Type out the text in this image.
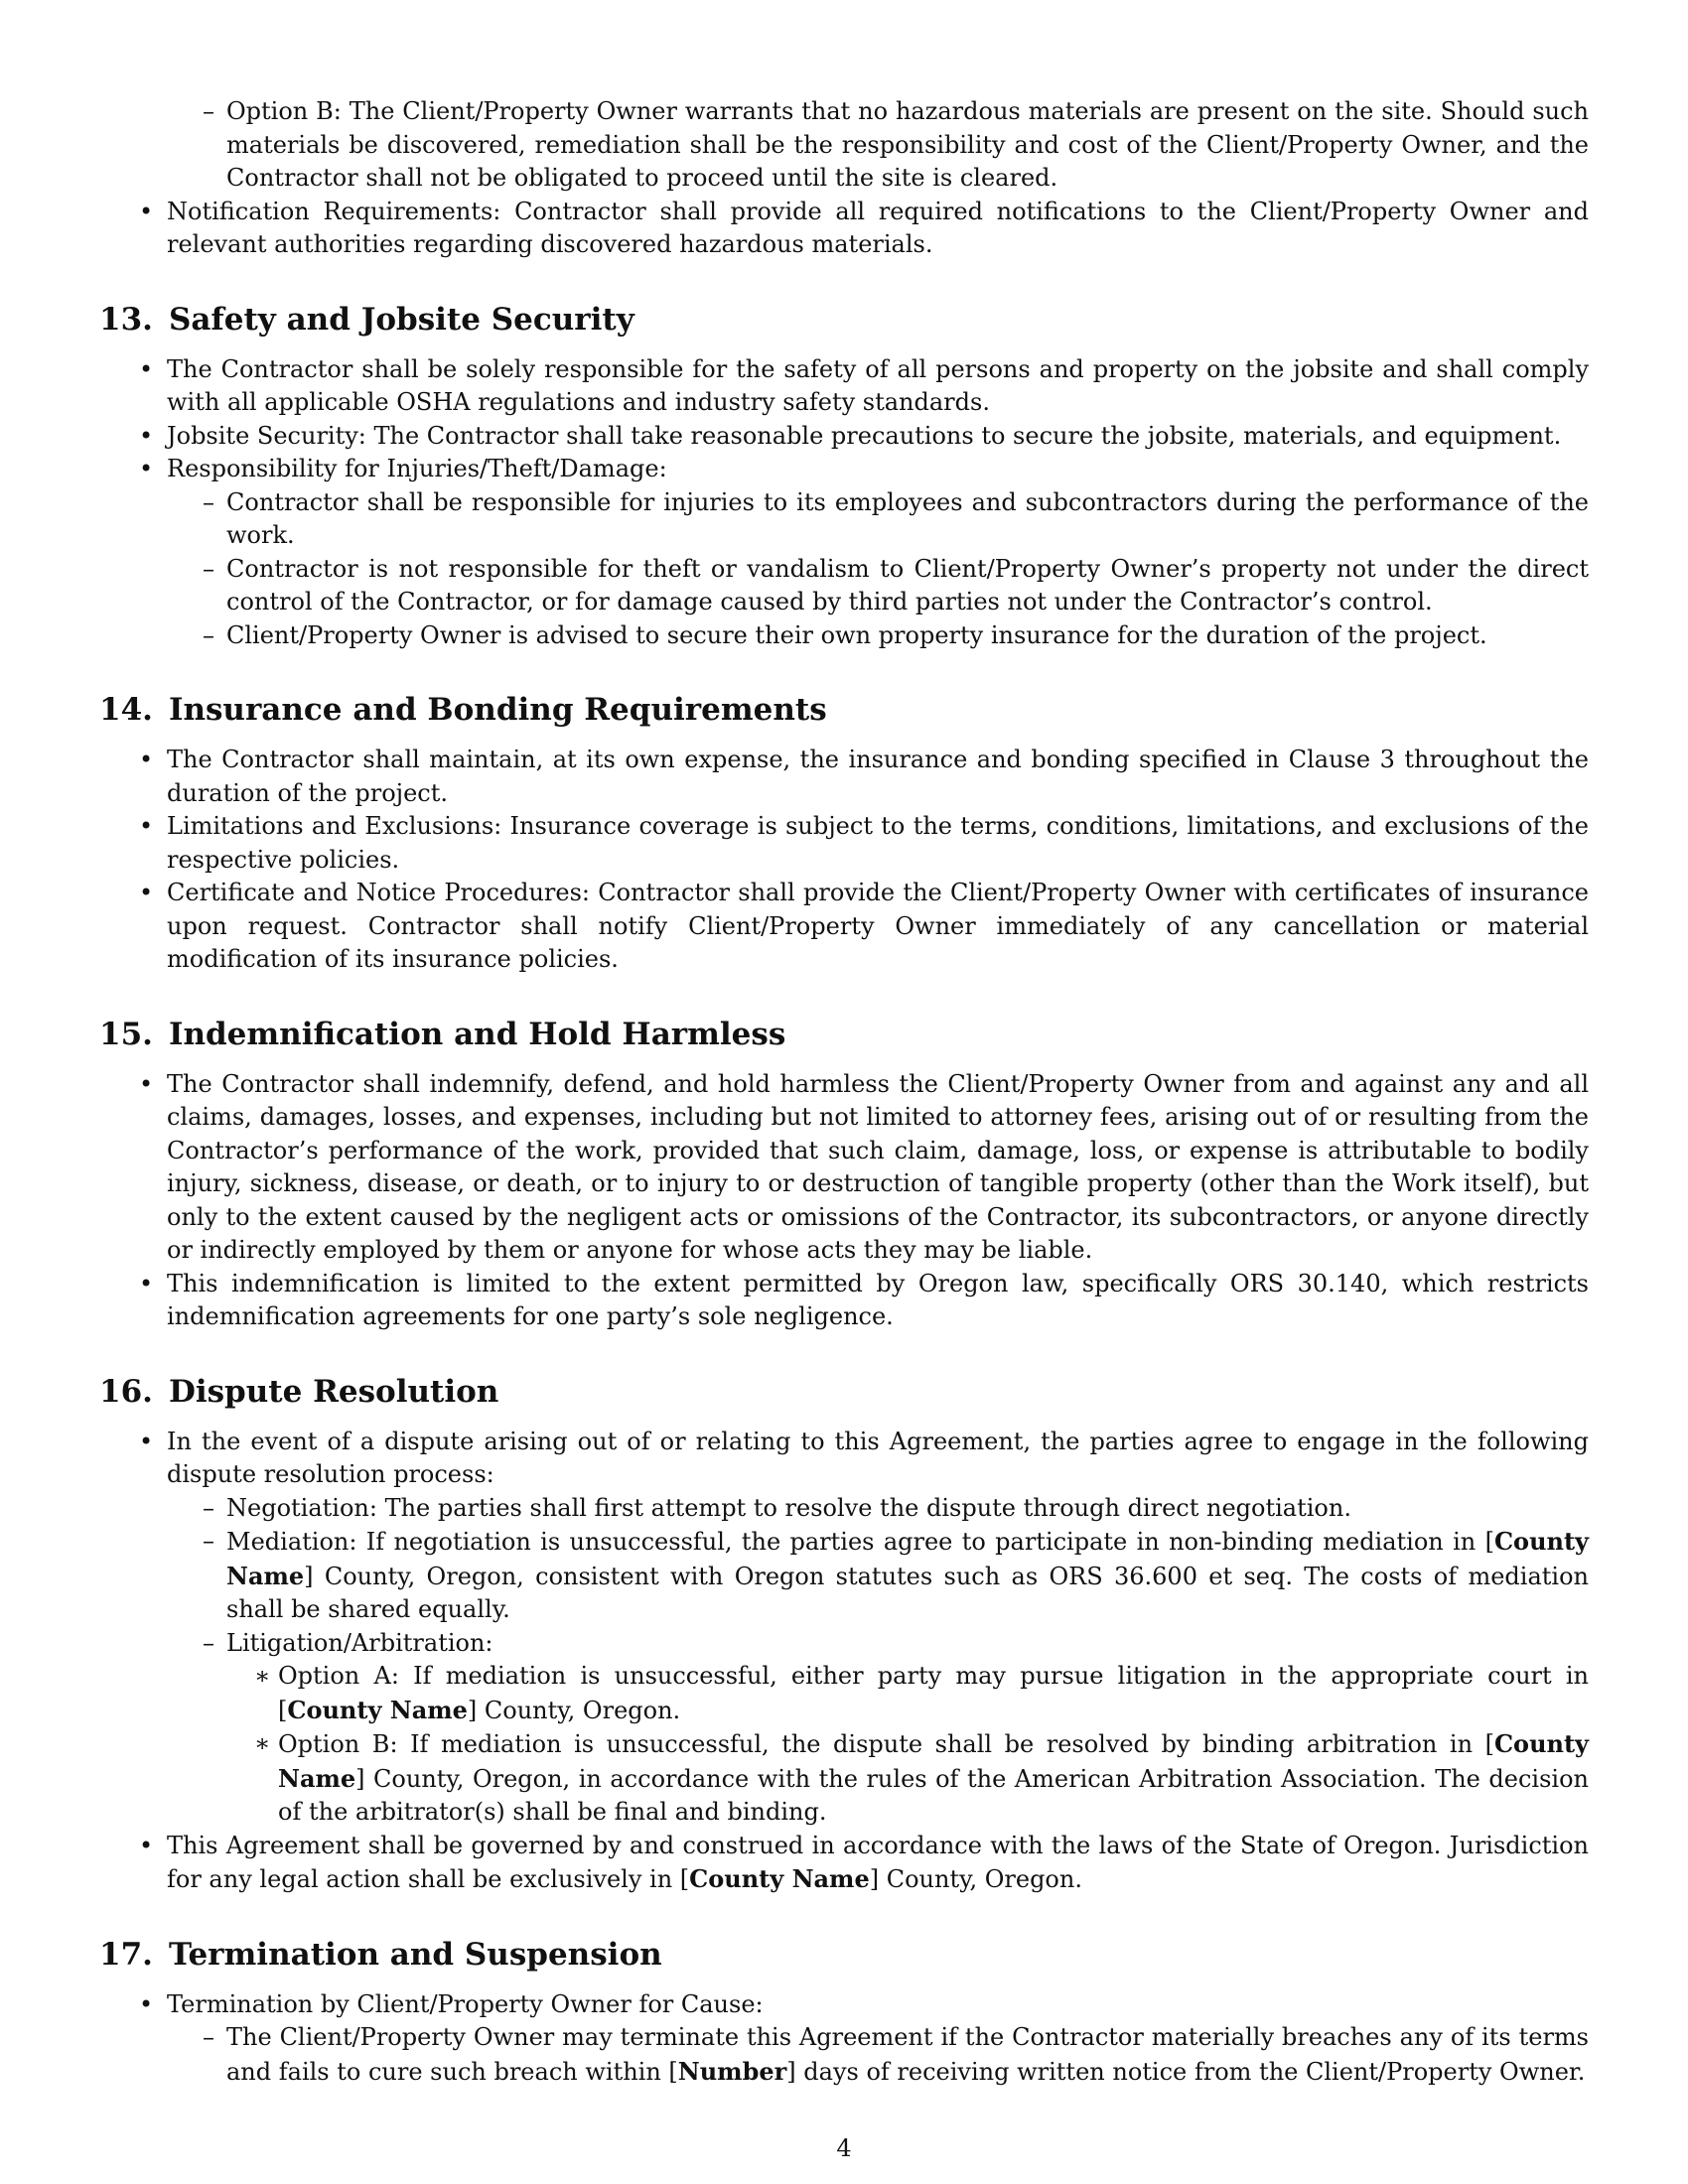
– Option B: The Client/Property Owner warrants that no hazardous materials are present on the site. Should such materials be discovered, remediation shall be the responsibility and cost of the Client/Property Owner, and the Contractor shall not be obligated to proceed until the site is cleared.
• Notification Requirements: Contractor shall provide all required notifications to the Client/Property Owner and relevant authorities regarding discovered hazardous materials.
13. Safety and Jobsite Security
• The Contractor shall be solely responsible for the safety of all persons and property on the jobsite and shall comply with all applicable OSHA regulations and industry safety standards.
• Jobsite Security: The Contractor shall take reasonable precautions to secure the jobsite, materials, and equipment.
• Responsibility for Injuries/Theft/Damage:
– Contractor shall be responsible for injuries to its employees and subcontractors during the performance of the work.
– Contractor is not responsible for theft or vandalism to Client/Property Owner’s property not under the direct control of the Contractor, or for damage caused by third parties not under the Contractor’s control.
– Client/Property Owner is advised to secure their own property insurance for the duration of the project.
14. Insurance and Bonding Requirements
• The Contractor shall maintain, at its own expense, the insurance and bonding specified in Clause 3 throughout the duration of the project.
• Limitations and Exclusions: Insurance coverage is subject to the terms, conditions, limitations, and exclusions of the respective policies.
• Certificate and Notice Procedures: Contractor shall provide the Client/Property Owner with certificates of insurance upon request. Contractor shall notify Client/Property Owner immediately of any cancellation or material modification of its insurance policies.
15. Indemnification and Hold Harmless
• The Contractor shall indemnify, defend, and hold harmless the Client/Property Owner from and against any and all claims, damages, losses, and expenses, including but not limited to attorney fees, arising out of or resulting from the Contractor’s performance of the work, provided that such claim, damage, loss, or expense is attributable to bodily injury, sickness, disease, or death, or to injury to or destruction of tangible property (other than the Work itself), but only to the extent caused by the negligent acts or omissions of the Contractor, its subcontractors, or anyone directly or indirectly employed by them or anyone for whose acts they may be liable.
• This indemnification is limited to the extent permitted by Oregon law, specifically ORS 30.140, which restricts indemnification agreements for one party’s sole negligence.
16. Dispute Resolution
• In the event of a dispute arising out of or relating to this Agreement, the parties agree to engage in the following dispute resolution process:
– Negotiation: The parties shall first attempt to resolve the dispute through direct negotiation.
– Mediation: If negotiation is unsuccessful, the parties agree to participate in non-binding mediation in [County Name] County, Oregon, consistent with Oregon statutes such as ORS 36.600 et seq. The costs of mediation shall be shared equally.
– Litigation/Arbitration:
∗ Option A: If mediation is unsuccessful, either party may pursue litigation in the appropriate court in [County Name] County, Oregon.
∗ Option B: If mediation is unsuccessful, the dispute shall be resolved by binding arbitration in [County Name] County, Oregon, in accordance with the rules of the American Arbitration Association. The decision of the arbitrator(s) shall be final and binding.
• This Agreement shall be governed by and construed in accordance with the laws of the State of Oregon. Jurisdiction for any legal action shall be exclusively in [County Name] County, Oregon.
17. Termination and Suspension
• Termination by Client/Property Owner for Cause:
– The Client/Property Owner may terminate this Agreement if the Contractor materially breaches any of its terms and fails to cure such breach within [Number] days of receiving written notice from the Client/Property Owner.
4
